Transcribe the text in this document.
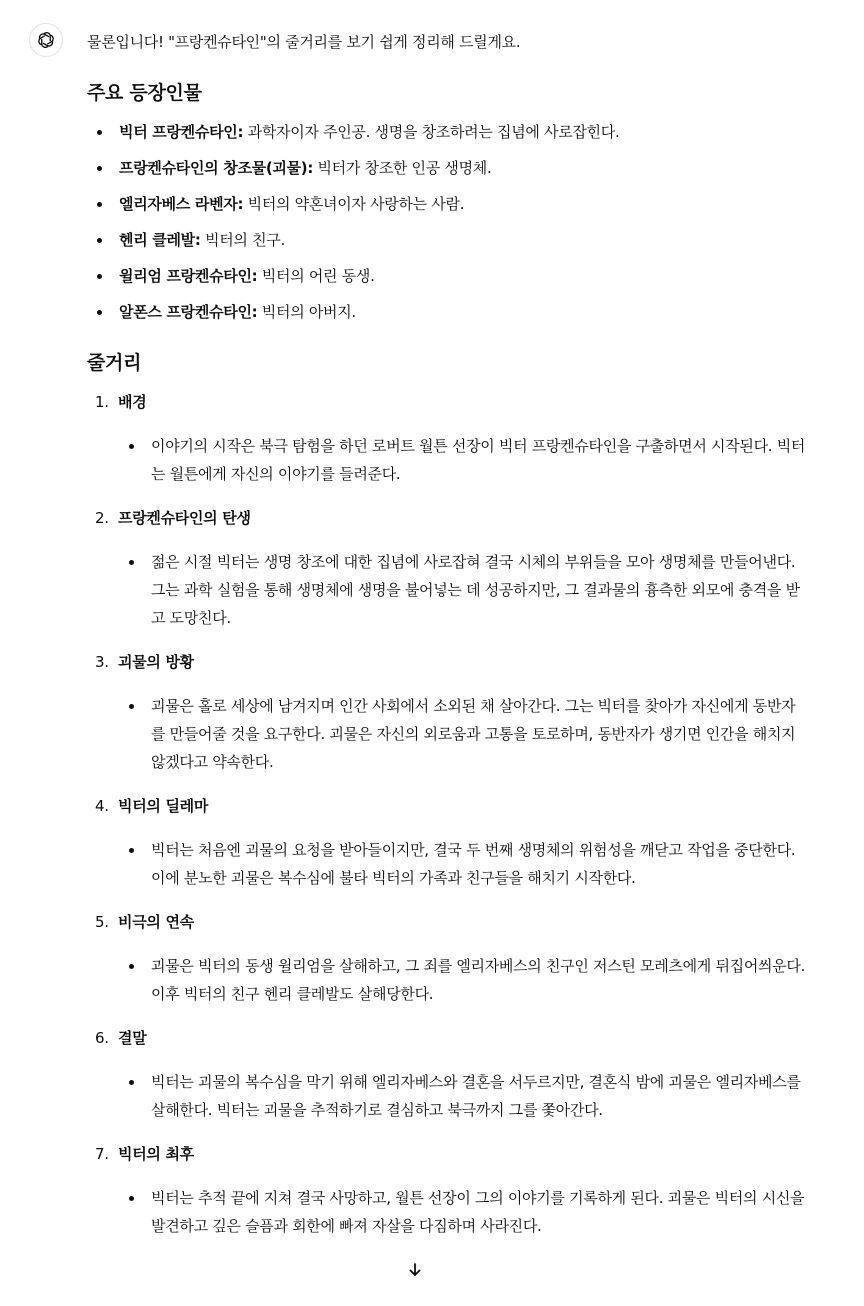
물론입니다! "프랑켄슈타인"의 줄거리를 보기 쉽게 정리해 드릴게요.

주요 등장인물
빅터 프랑켄슈타인: 과학자이자 주인공. 생명을 창조하려는 집념에 사로잡힌다.
프랑켄슈타인의 창조물(괴물): 빅터가 창조한 인공 생명체.
엘리자베스 라벤자: 빅터의 약혼녀이자 사랑하는 사람.
헨리 클레발: 빅터의 친구.
윌리엄 프랑켄슈타인: 빅터의 어린 동생.
알폰스 프랑켄슈타인: 빅터의 아버지.
줄거리
1. 배경
이야기의 시작은 북극 탐험을 하던 로버트 월튼 선장이 빅터 프랑켄슈타인을 구출하면서 시작된다. 빅터는 월튼에게 자신의 이야기를 들려준다.
2. 프랑켄슈타인의 탄생
젊은 시절 빅터는 생명 창조에 대한 집념에 사로잡혀 결국 시체의 부위들을 모아 생명체를 만들어낸다. 그는 과학 실험을 통해 생명체에 생명을 불어넣는 데 성공하지만, 그 결과물의 흉측한 외모에 충격을 받고 도망친다.
3. 괴물의 방황
괴물은 홀로 세상에 남겨지며 인간 사회에서 소외된 채 살아간다. 그는 빅터를 찾아가 자신에게 동반자를 만들어줄 것을 요구한다. 괴물은 자신의 외로움과 고통을 토로하며, 동반자가 생기면 인간을 해치지 않겠다고 약속한다.
4. 빅터의 딜레마
빅터는 처음엔 괴물의 요청을 받아들이지만, 결국 두 번째 생명체의 위험성을 깨닫고 작업을 중단한다. 이에 분노한 괴물은 복수심에 불타 빅터의 가족과 친구들을 해치기 시작한다.
5. 비극의 연속
괴물은 빅터의 동생 윌리엄을 살해하고, 그 죄를 엘리자베스의 친구인 저스틴 모레츠에게 뒤집어씌운다. 이후 빅터의 친구 헨리 클레발도 살해당한다.
6. 결말
빅터는 괴물의 복수심을 막기 위해 엘리자베스와 결혼을 서두르지만, 결혼식 밤에 괴물은 엘리자베스를 살해한다. 빅터는 괴물을 추적하기로 결심하고 북극까지 그를 쫓아간다.
7. 빅터의 최후
빅터는 추적 끝에 지쳐 결국 사망하고, 월튼 선장이 그의 이야기를 기록하게 된다. 괴물은 빅터의 시신을 발견하고 깊은 슬픔과 회한에 빠져 자살을 다짐하며 사라진다.
